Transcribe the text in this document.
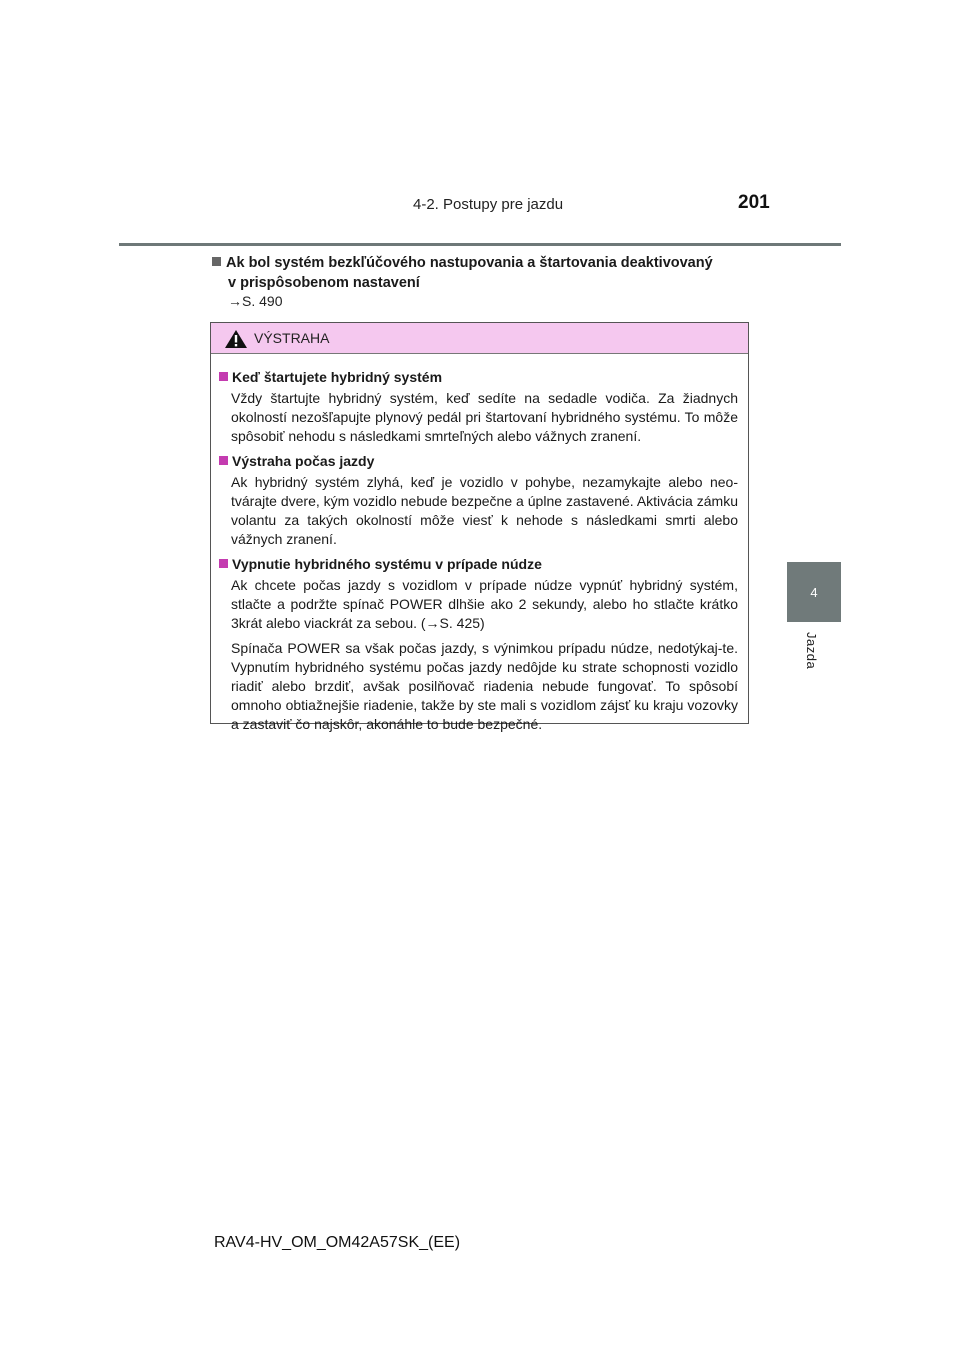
4-2. Postupy pre jazdu	201
4
Jazda
Ak bol systém bezkľúčového nastupovania a štartovania deaktivovaný
v prispôsobenom nastavení
→S. 490
VÝSTRAHA
Keď štartujete hybridný systém
Vždy štartujte hybridný systém, keď sedíte na sedadle vodiča. Za žiadnych okolností nezošľapujte plynový pedál pri štartovaní hybridného systému. To môže spôsobiť nehodu s následkami smrteľných alebo vážnych zranení.
Výstraha počas jazdy
Ak hybridný systém zlyhá, keď je vozidlo v pohybe, nezamykajte alebo neo-tvárajte dvere, kým vozidlo nebude bezpečne a úplne zastavené. Aktivácia zámku volantu za takých okolností môže viesť k nehode s následkami smrti alebo vážnych zranení.
Vypnutie hybridného systému v prípade núdze
Ak chcete počas jazdy s vozidlom v prípade núdze vypnúť hybridný systém, stlačte a podržte spínač POWER dlhšie ako 2 sekundy, alebo ho stlačte krátko 3krát alebo viackrát za sebou. (→S. 425)
Spínača POWER sa však počas jazdy, s výnimkou prípadu núdze, nedotýkaj-te. Vypnutím hybridného systému počas jazdy nedôjde ku strate schopnosti vozidlo riadiť alebo brzdiť, avšak posilňovač riadenia nebude fungovať. To spôsobí omnoho obtiažnejšie riadenie, takže by ste mali s vozidlom zájsť ku kraju vozovky a zastaviť čo najskôr, akonáhle to bude bezpečné.
RAV4-HV_OM_OM42A57SK_(EE)
